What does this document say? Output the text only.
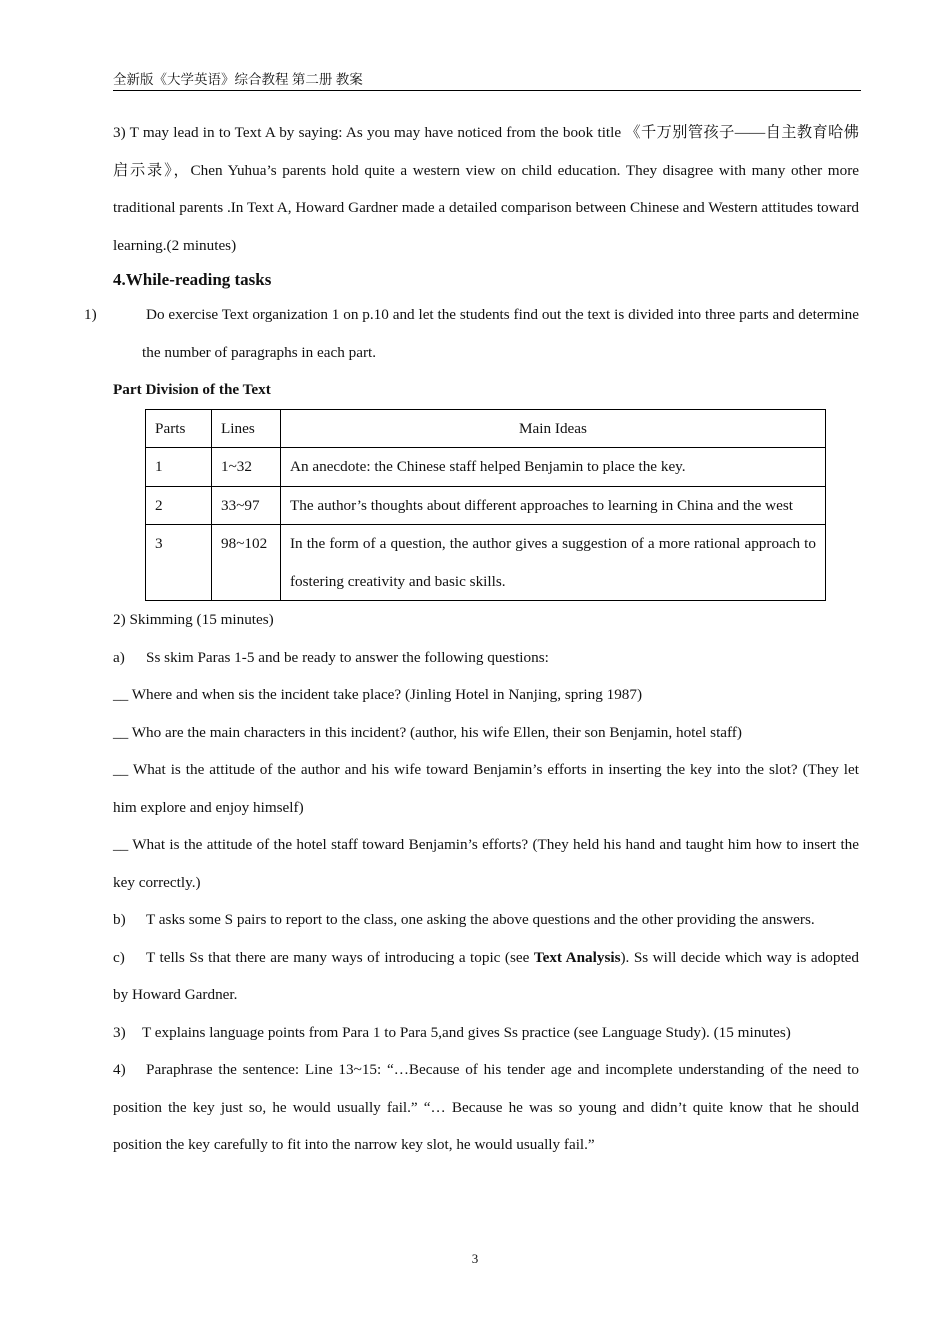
全新版《大学英语》综合教程 第二册 教案

3) T may lead in to Text A by saying: As you may have noticed from the book title 《千万别管孩子——自主教育哈佛启示录》，Chen Yuhua’s parents hold quite a western view on child education. They disagree with many other more traditional parents .In Text A, Howard Gardner made a detailed comparison between Chinese and Western attitudes toward learning.(2 minutes)

4.While-reading tasks

1)	Do exercise Text organization 1 on p.10 and let the students find out the text is divided into three parts and determine the number of paragraphs in each part.

Part Division of the Text

Parts	Lines	Main Ideas
1	1~32	An anecdote: the Chinese staff helped Benjamin to place the key.
2	33~97	The author’s thoughts about different approaches to learning in China and the west
3	98~102	In the form of a question, the author gives a suggestion of a more rational approach to fostering creativity and basic skills.

2) Skimming (15 minutes)

a) Ss skim Paras 1-5 and be ready to answer the following questions:

__ Where and when sis the incident take place? (Jinling Hotel in Nanjing, spring 1987)

__ Who are the main characters in this incident? (author, his wife Ellen, their son Benjamin, hotel staff)

__ What is the attitude of the author and his wife toward Benjamin’s efforts in inserting the key into the slot? (They let him explore and enjoy himself)

__ What is the attitude of the hotel staff toward Benjamin’s efforts? (They held his hand and taught him how to insert the key correctly.)

b) T asks some S pairs to report to the class, one asking the above questions and the other providing the answers.

c) T tells Ss that there are many ways of introducing a topic (see Text Analysis). Ss will decide which way is adopted by Howard Gardner.

3) T explains language points from Para 1 to Para 5,and gives Ss practice (see Language Study). (15 minutes)

4) Paraphrase the sentence: Line 13~15: “…Because of his tender age and incomplete understanding of the need to position the key just so, he would usually fail.” “… Because he was so young and didn’t quite know that he should position the key carefully to fit into the narrow key slot, he would usually fail.”

3
